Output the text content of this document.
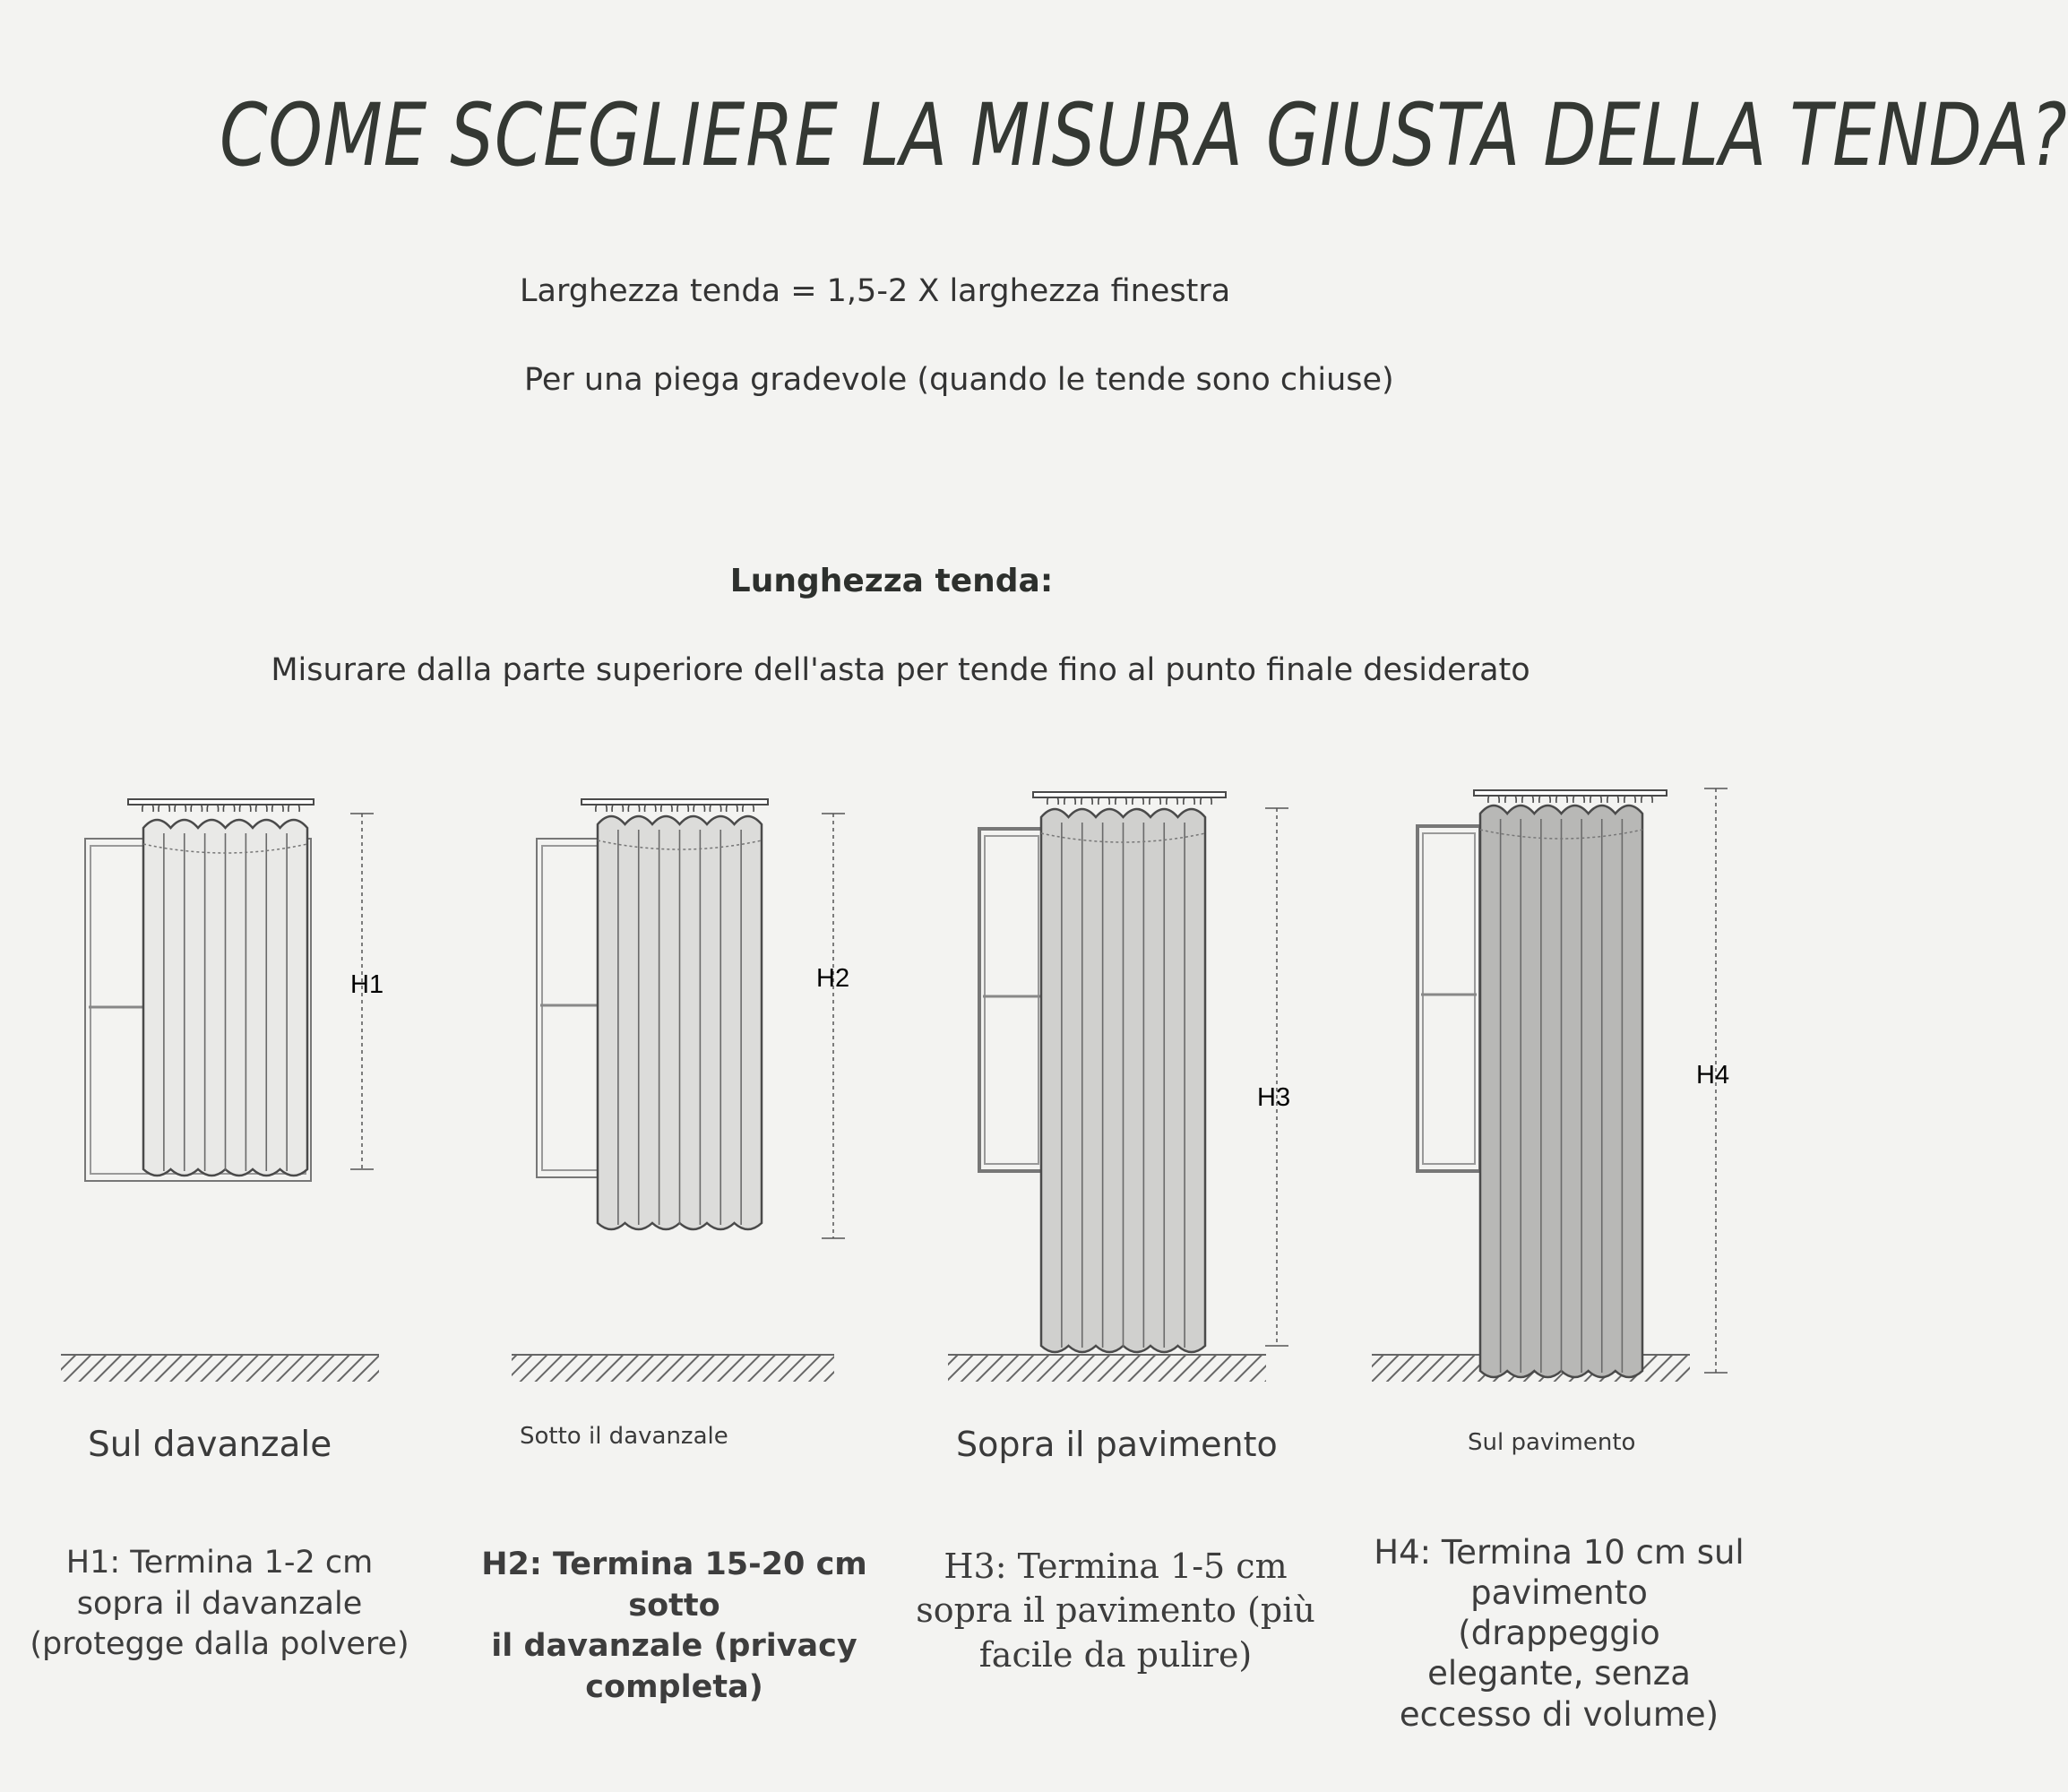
COME SCEGLIERE LA MISURA GIUSTA DELLA TENDA?
Larghezza tenda = 1,5-2 X larghezza finestra
Per una piega gradevole (quando le tende sono chiuse)
Lunghezza tenda:
Misurare dalla parte superiore dell'asta per tende fino al punto finale desiderato
H1	H2
H3
H4
Sul davanzale	Sotto il davanzale	Sopra il pavimento	Sul pavimento
H1: Termina 1-2 cm
sopra il davanzale
(protegge dalla polvere)
H2: Termina 15-20 cm sotto
il davanzale (privacy
completa)
H3: Termina 1-5 cm
sopra il pavimento (più
facile da pulire)
H4: Termina 10 cm sul
pavimento
(drappeggio
elegante, senza
eccesso di volume)
